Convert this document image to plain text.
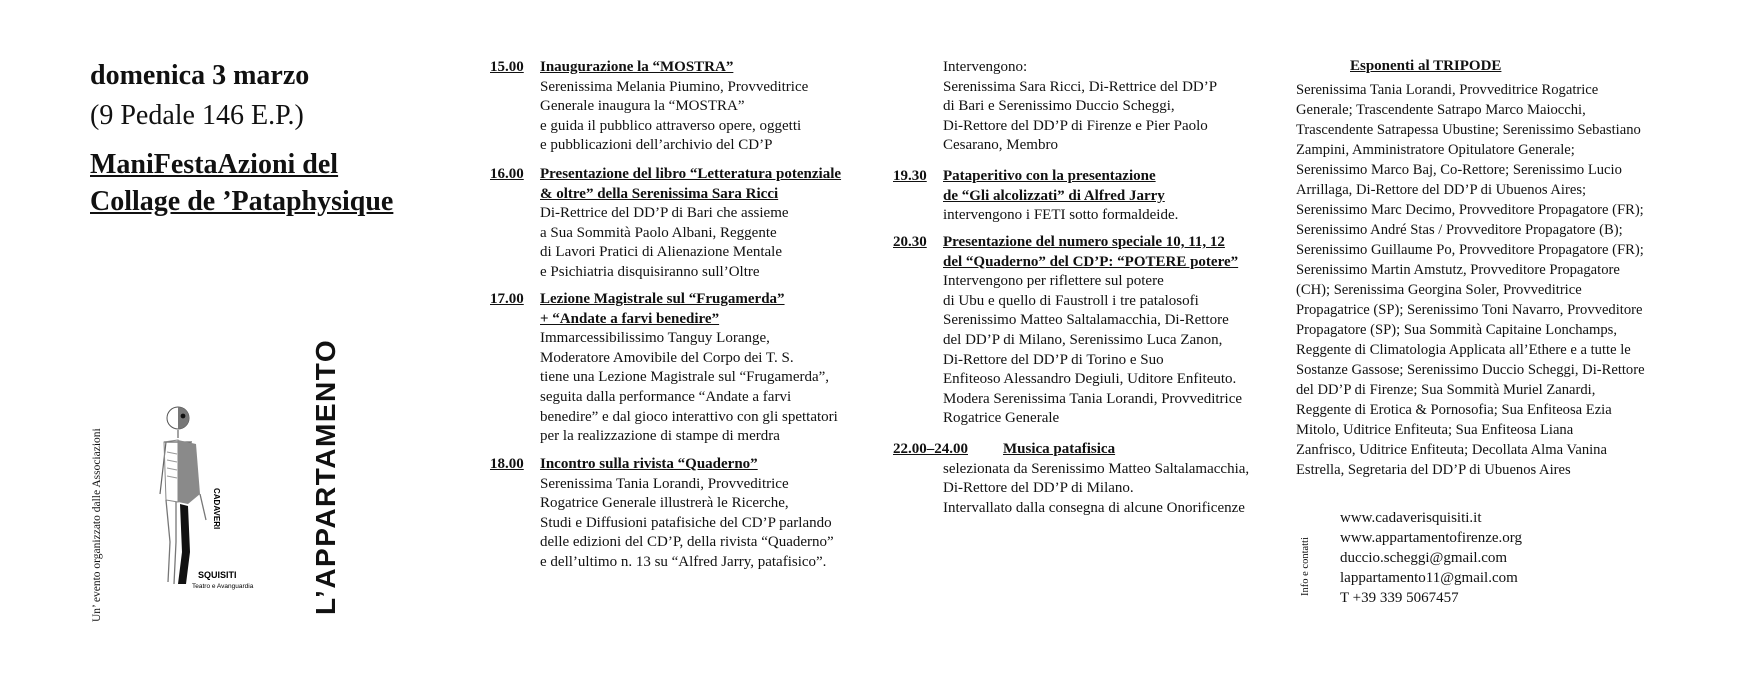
domenica 3 marzo
(9 Pedale 146 E.P.)
ManiFestaAzioni del
Collage de ’Pataphysique
Un’ evento organizzato dalle Associazioni	CADAVERI
SQUISITI
Teatro e Avanguardia L’APPARTAMENTO
15.00 Inaugurazione la “MOSTRA”
Serenissima Melania Piumino, Provveditrice
Generale inaugura la “MOSTRA”
e guida il pubblico attraverso opere, oggetti
e pubblicazioni dell’archivio del CD’P
16.00 Presentazione del libro “Letteratura potenziale
& oltre” della Serenissima Sara Ricci
Di-Rettrice del DD’P di Bari che assieme
a Sua Sommità Paolo Albani, Reggente
di Lavori Pratici di Alienazione Mentale
e Psichiatria disquisiranno sull’Oltre
17.00 Lezione Magistrale sul “Frugamerda”
+ “Andate a farvi benedire”
Immarcessibilissimo Tanguy Lorange,
Moderatore Amovibile del Corpo dei T. S.
tiene una Lezione Magistrale sul “Frugamerda”,
seguita dalla performance “Andate a farvi
benedire” e dal gioco interattivo con gli spettatori
per la realizzazione di stampe di merdra
18.00 Incontro sulla rivista “Quaderno”
Serenissima Tania Lorandi, Provveditrice
Rogatrice Generale illustrerà le Ricerche,
Studi e Diffusioni patafisiche del CD’P parlando
delle edizioni del CD’P, della rivista “Quaderno”
e dell’ultimo n. 13 su “Alfred Jarry, patafisico”.
Intervengono:
Serenissima Sara Ricci, Di-Rettrice del DD’P
di Bari e Serenissimo Duccio Scheggi,
Di-Rettore del DD’P di Firenze e Pier Paolo
Cesarano, Membro
19.30 Pataperitivo con la presentazione
de “Gli alcolizzati” di Alfred Jarry
intervengono i FETI sotto formaldeide.
20.30 Presentazione del numero speciale 10, 11, 12
del “Quaderno” del CD’P: “POTERE potere”
Intervengono per riflettere sul potere
di Ubu e quello di Faustroll i tre patalosofi
Serenissimo Matteo Saltalamacchia, Di-Rettore
del DD’P di Milano, Serenissimo Luca Zanon,
Di-Rettore del DD’P di Torino e Suo
Enfiteoso Alessandro Degiuli, Uditore Enfiteuto.
Modera Serenissima Tania Lorandi, Provveditrice
Rogatrice Generale
22.00–24.00 Musica patafisica
selezionata da Serenissimo Matteo Saltalamacchia,
Di-Rettore del DD’P di Milano.
Intervallato dalla consegna di alcune Onorificenze
Esponenti al TRIPODE
Serenissima Tania Lorandi, Provveditrice Rogatrice
Generale; Trascendente Satrapo Marco Maiocchi,
Trascendente Satrapessa Ubustine; Serenissimo Sebastiano
Zampini, Amministratore Opitulatore Generale;
Serenissimo Marco Baj, Co-Rettore; Serenissimo Lucio
Arrillaga, Di-Rettore del DD’P di Ubuenos Aires;
Serenissimo Marc Decimo, Provveditore Propagatore (FR);
Serenissimo André Stas / Provveditore Propagatore (B);
Serenissimo Guillaume Po, Provveditore Propagatore (FR);
Serenissimo Martin Amstutz, Provveditore Propagatore
(CH); Serenissima Georgina Soler, Provveditrice
Propagatrice (SP); Serenissimo Toni Navarro, Provveditore
Propagatore (SP); Sua Sommità Capitaine Lonchamps,
Reggente di Climatologia Applicata all’Ethere e a tutte le
Sostanze Gassose; Serenissimo Duccio Scheggi, Di-Rettore
del DD’P di Firenze; Sua Sommità Muriel Zanardi,
Reggente di Erotica & Pornosofia; Sua Enfiteosa Ezia
Mitolo, Uditrice Enfiteuta; Sua Enfiteosa Liana
Zanfrisco, Uditrice Enfiteuta; Decollata Alma Vanina
Estrella, Segretaria del DD’P di Ubuenos Aires
Info e contatti
www.cadaverisquisiti.it
www.appartamentofirenze.org
duccio.scheggi@gmail.com
lappartamento11@gmail.com
T +39 339 5067457
